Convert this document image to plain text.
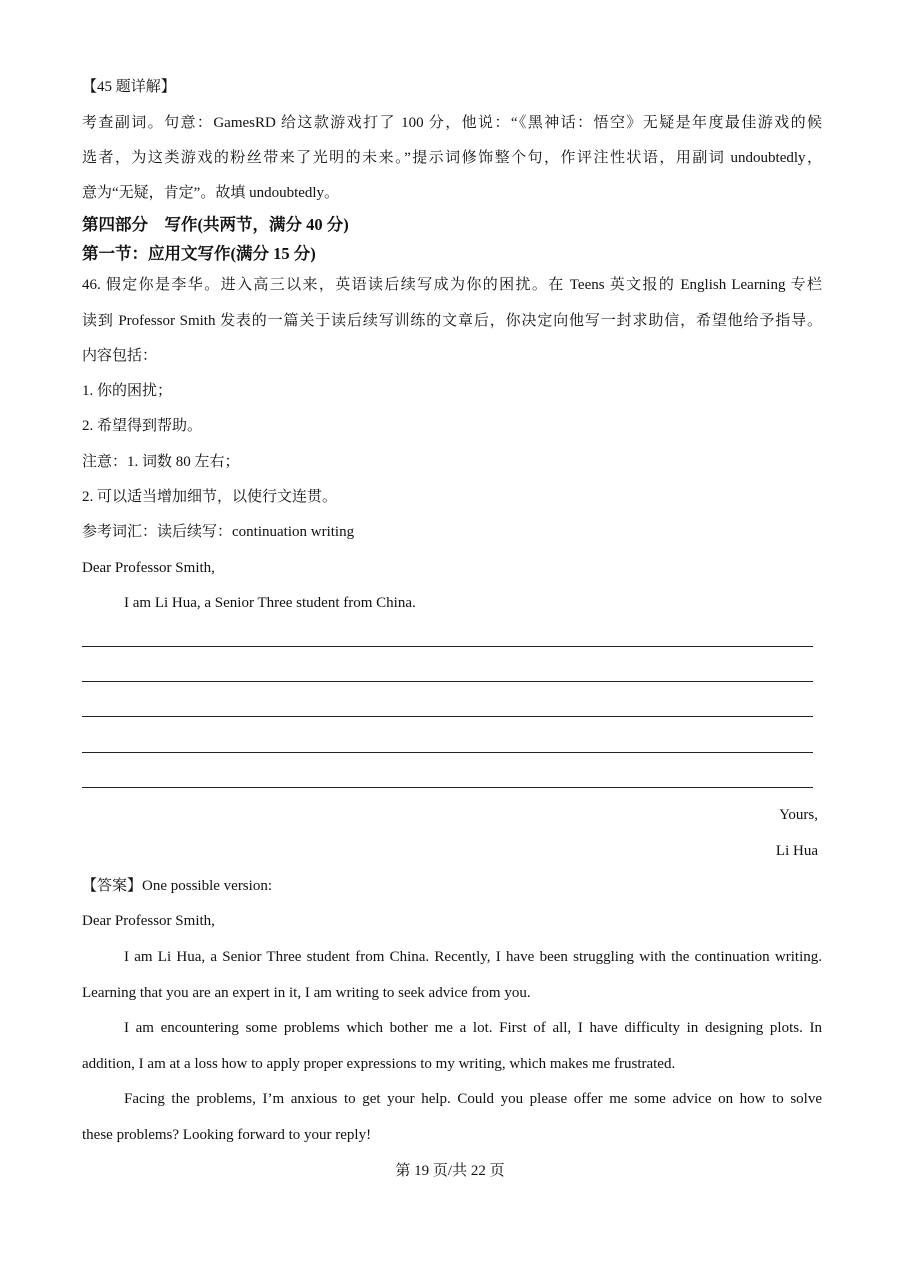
【45 题详解】
考查副词。句意：GamesRD 给这款游戏打了 100 分，他说：“《黑神话：悟空》无疑是年度最佳游戏的候
选者，为这类游戏的粉丝带来了光明的未来。”提示词修饰整个句，作评注性状语，用副词 undoubtedly，
意为“无疑，肯定”。故填 undoubtedly。
第四部分　写作(共两节，满分 40 分)
第一节：应用文写作(满分 15 分)
46. 假定你是李华。进入高三以来，英语读后续写成为你的困扰。在 Teens 英文报的 English Learning 专栏
读到 Professor Smith 发表的一篇关于读后续写训练的文章后，你决定向他写一封求助信，希望他给予指导。
内容包括：
1. 你的困扰；
2. 希望得到帮助。
注意：1. 词数 80 左右；
2. 可以适当增加细节，以使行文连贯。
参考词汇：读后续写：continuation writing
Dear Professor Smith,
I am Li Hua, a Senior Three student from China.
Yours,
Li Hua
【答案】One possible version:
Dear Professor Smith,
I am Li Hua, a Senior Three student from China. Recently, I have been struggling with the continuation writing.
Learning that you are an expert in it, I am writing to seek advice from you.
I am encountering some problems which bother me a lot. First of all, I have difficulty in designing plots. In
addition, I am at a loss how to apply proper expressions to my writing, which makes me frustrated.
Facing the problems, I’m anxious to get your help. Could you please offer me some advice on how to solve
these problems? Looking forward to your reply!
第 19 页/共 22 页
